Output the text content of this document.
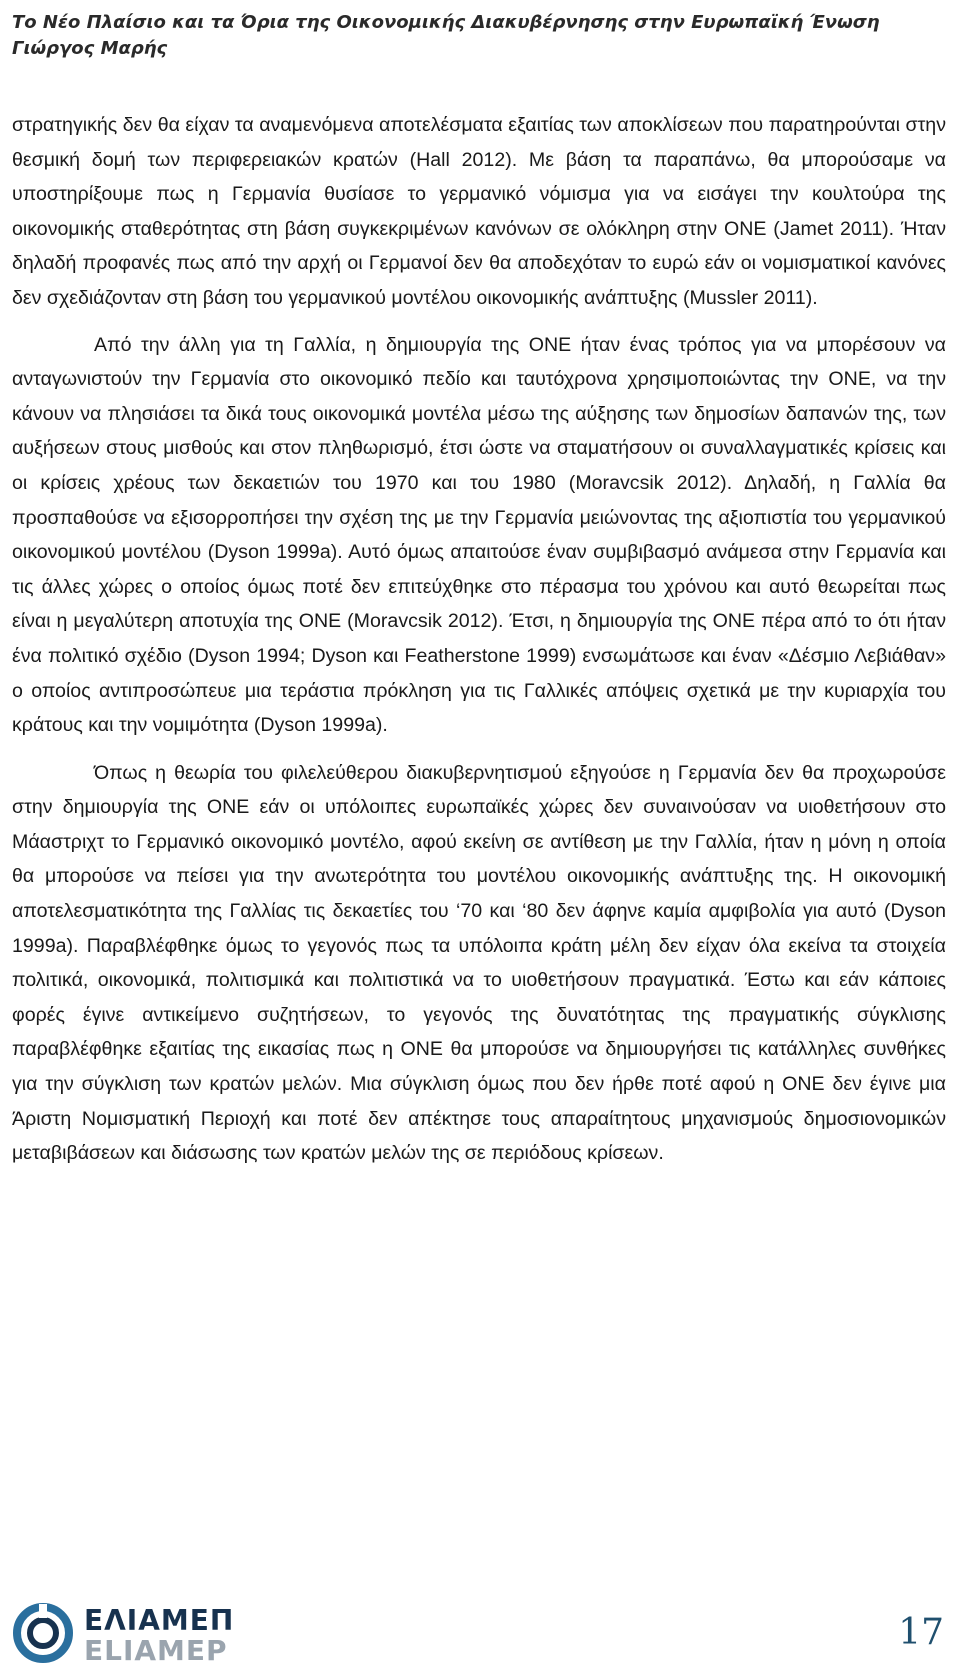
Το Νέο Πλαίσιο και τα Όρια της Οικονομικής Διακυβέρνησης στην Ευρωπαϊκή Ένωση
Γιώργος Μαρής

στρατηγικής δεν θα είχαν τα αναμενόμενα αποτελέσματα εξαιτίας των αποκλίσεων που παρατηρούνται στην θεσμική δομή των περιφερειακών κρατών (Hall 2012). Με βάση τα παραπάνω, θα μπορούσαμε να υποστηρίξουμε πως η Γερμανία θυσίασε το γερμανικό νόμισμα για να εισάγει την κουλτούρα της οικονομικής σταθερότητας στη βάση συγκεκριμένων κανόνων σε ολόκληρη στην ΟΝΕ (Jamet 2011). Ήταν δηλαδή προφανές πως από την αρχή οι Γερμανοί δεν θα αποδεχόταν το ευρώ εάν οι νομισματικοί κανόνες δεν σχεδιάζονταν στη βάση του γερμανικού μοντέλου οικονομικής ανάπτυξης (Mussler 2011).

Από την άλλη για τη Γαλλία, η δημιουργία της ΟΝΕ ήταν ένας τρόπος για να μπορέσουν να ανταγωνιστούν την Γερμανία στο οικονομικό πεδίο και ταυτόχρονα χρησιμοποιώντας την ΟΝΕ, να την κάνουν να πλησιάσει τα δικά τους οικονομικά μοντέλα μέσω της αύξησης των δημοσίων δαπανών της, των αυξήσεων στους μισθούς και στον πληθωρισμό, έτσι ώστε να σταματήσουν οι συναλλαγματικές κρίσεις και οι κρίσεις χρέους των δεκαετιών του 1970 και του 1980 (Moravcsik 2012). Δηλαδή, η Γαλλία θα προσπαθούσε να εξισορροπήσει την σχέση της με την Γερμανία μειώνοντας της αξιοπιστία του γερμανικού οικονομικού μοντέλου (Dyson 1999a). Αυτό όμως απαιτούσε έναν συμβιβασμό ανάμεσα στην Γερμανία και τις άλλες χώρες ο οποίος όμως ποτέ δεν επιτεύχθηκε στο πέρασμα του χρόνου και αυτό θεωρείται πως είναι η μεγαλύτερη αποτυχία της ΟΝΕ (Moravcsik 2012). Έτσι, η δημιουργία της ΟΝΕ πέρα από το ότι ήταν ένα πολιτικό σχέδιο (Dyson 1994; Dyson και Featherstone 1999) ενσωμάτωσε και έναν «Δέσμιο Λεβιάθαν» ο οποίος αντιπροσώπευε μια τεράστια πρόκληση για τις Γαλλικές απόψεις σχετικά με την κυριαρχία του κράτους και την νομιμότητα (Dyson 1999a).

Όπως η θεωρία του φιλελεύθερου διακυβερνητισμού εξηγούσε η Γερμανία δεν θα προχωρούσε στην δημιουργία της ΟΝΕ εάν οι υπόλοιπες ευρωπαϊκές χώρες δεν συναινούσαν να υιοθετήσουν στο Μάαστριχτ το Γερμανικό οικονομικό μοντέλο, αφού εκείνη σε αντίθεση με την Γαλλία, ήταν η μόνη η οποία θα μπορούσε να πείσει για την ανωτερότητα του μοντέλου οικονομικής ανάπτυξης της. Η οικονομική αποτελεσματικότητα της Γαλλίας τις δεκαετίες του ‘70 και ‘80 δεν άφηνε καμία αμφιβολία για αυτό (Dyson 1999a). Παραβλέφθηκε όμως το γεγονός πως τα υπόλοιπα κράτη μέλη δεν είχαν όλα εκείνα τα στοιχεία πολιτικά, οικονομικά, πολιτισμικά και πολιτιστικά να το υιοθετήσουν πραγματικά. Έστω και εάν κάποιες φορές έγινε αντικείμενο συζητήσεων, το γεγονός της δυνατότητας της πραγματικής σύγκλισης παραβλέφθηκε εξαιτίας της εικασίας πως η ΟΝΕ θα μπορούσε να δημιουργήσει τις κατάλληλες συνθήκες για την σύγκλιση των κρατών μελών. Μια σύγκλιση όμως που δεν ήρθε ποτέ αφού η ΟΝΕ δεν έγινε μια Άριστη Νομισματική Περιοχή και ποτέ δεν απέκτησε τους απαραίτητους μηχανισμούς δημοσιονομικών μεταβιβάσεων και διάσωσης των κρατών μελών της σε περιόδους κρίσεων.

ΕΛΙΑΜΕΠ
ELIAMEP	17
